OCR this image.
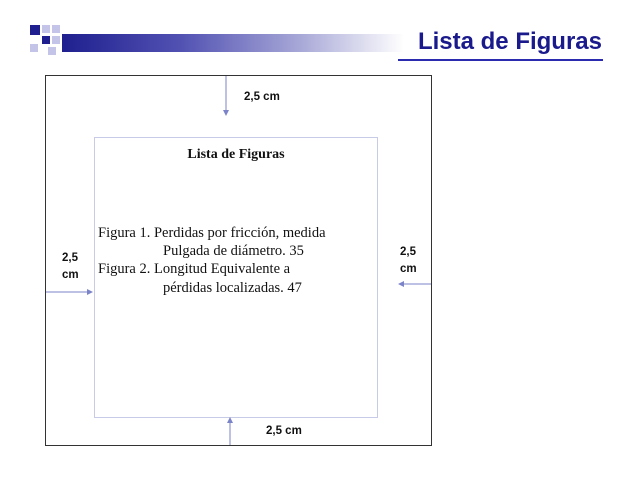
Lista de Figuras
2,5 cm
2,5 cm
2,5
cm
2,5
cm
Lista de Figuras
Figura 1. Perdidas por fricción, medida
Pulgada de diámetro. 35
Figura 2. Longitud Equivalente a
pérdidas localizadas. 47
